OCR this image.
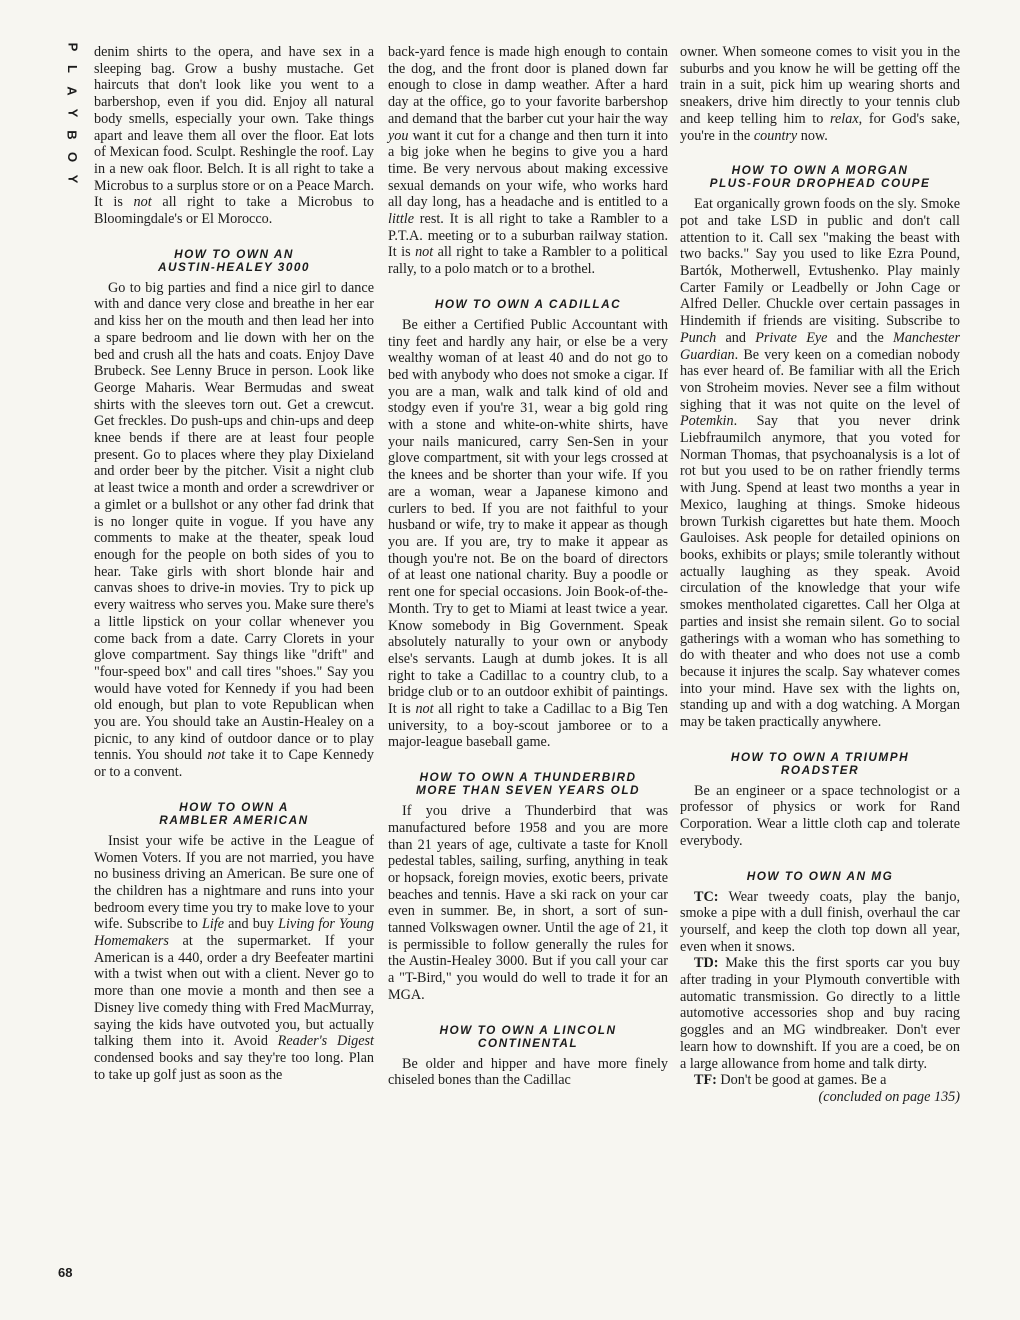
P
L
A
Y
B
O
Y

denim shirts to the opera, and have sex in a sleeping bag. Grow a bushy mustache. Get haircuts that don't look like you went to a barbershop, even if you did. Enjoy all natural body smells, especially your own. Take things apart and leave them all over the floor. Eat lots of Mexican food. Sculpt. Reshingle the roof. Lay in a new oak floor. Belch. It is all right to take a Microbus to a surplus store or on a Peace March. It is not all right to take a Microbus to Bloomingdale's or El Morocco.

HOW TO OWN AN
AUSTIN-HEALEY 3000

Go to big parties and find a nice girl to dance with and dance very close and breathe in her ear and kiss her on the mouth and then lead her into a spare bedroom and lie down with her on the bed and crush all the hats and coats. Enjoy Dave Brubeck. See Lenny Bruce in person. Look like George Maharis. Wear Bermudas and sweat shirts with the sleeves torn out. Get a crewcut. Get freckles. Do push-ups and chin-ups and deep knee bends if there are at least four people present. Go to places where they play Dixieland and order beer by the pitcher. Visit a night club at least twice a month and order a screwdriver or a gimlet or a bullshot or any other fad drink that is no longer quite in vogue. If you have any comments to make at the theater, speak loud enough for the people on both sides of you to hear. Take girls with short blonde hair and canvas shoes to drive-in movies. Try to pick up every waitress who serves you. Make sure there's a little lipstick on your collar whenever you come back from a date. Carry Clorets in your glove compartment. Say things like "drift" and "four-speed box" and call tires "shoes." Say you would have voted for Kennedy if you had been old enough, but plan to vote Republican when you are. You should take an Austin-Healey on a picnic, to any kind of outdoor dance or to play tennis. You should not take it to Cape Kennedy or to a convent.

HOW TO OWN A
RAMBLER AMERICAN

Insist your wife be active in the League of Women Voters. If you are not married, you have no business driving an American. Be sure one of the children has a nightmare and runs into your bedroom every time you try to make love to your wife. Subscribe to Life and buy Living for Young Homemakers at the supermarket. If your American is a 440, order a dry Beefeater martini with a twist when out with a client. Never go to more than one movie a month and then see a Disney live comedy thing with Fred MacMurray, saying the kids have outvoted you, but actually talking them into it. Avoid Reader's Digest condensed books and say they're too long. Plan to take up golf just as soon as the

back-yard fence is made high enough to contain the dog, and the front door is planed down far enough to close in damp weather. After a hard day at the office, go to your favorite barbershop and demand that the barber cut your hair the way you want it cut for a change and then turn it into a big joke when he begins to give you a hard time. Be very nervous about making excessive sexual demands on your wife, who works hard all day long, has a headache and is entitled to a little rest. It is all right to take a Rambler to a P.T.A. meeting or to a suburban railway station. It is not all right to take a Rambler to a political rally, to a polo match or to a brothel.

HOW TO OWN A CADILLAC

Be either a Certified Public Accountant with tiny feet and hardly any hair, or else be a very wealthy woman of at least 40 and do not go to bed with anybody who does not smoke a cigar. If you are a man, walk and talk kind of old and stodgy even if you're 31, wear a big gold ring with a stone and white-on-white shirts, have your nails manicured, carry Sen-Sen in your glove compartment, sit with your legs crossed at the knees and be shorter than your wife. If you are a woman, wear a Japanese kimono and curlers to bed. If you are not faithful to your husband or wife, try to make it appear as though you are. If you are, try to make it appear as though you're not. Be on the board of directors of at least one national charity. Buy a poodle or rent one for special occasions. Join Book-of-the-Month. Try to get to Miami at least twice a year. Know somebody in Big Government. Speak absolutely naturally to your own or anybody else's servants. Laugh at dumb jokes. It is all right to take a Cadillac to a country club, to a bridge club or to an outdoor exhibit of paintings. It is not all right to take a Cadillac to a Big Ten university, to a boy-scout jamboree or to a major-league baseball game.

HOW TO OWN A THUNDERBIRD
MORE THAN SEVEN YEARS OLD

If you drive a Thunderbird that was manufactured before 1958 and you are more than 21 years of age, cultivate a taste for Knoll pedestal tables, sailing, surfing, anything in teak or hopsack, foreign movies, exotic beers, private beaches and tennis. Have a ski rack on your car even in summer. Be, in short, a sort of sun-tanned Volkswagen owner. Until the age of 21, it is permissible to follow generally the rules for the Austin-Healey 3000. But if you call your car a "T-Bird," you would do well to trade it for an MGA.

HOW TO OWN A LINCOLN
CONTINENTAL

Be older and hipper and have more finely chiseled bones than the Cadillac

owner. When someone comes to visit you in the suburbs and you know he will be getting off the train in a suit, pick him up wearing shorts and sneakers, drive him directly to your tennis club and keep telling him to relax, for God's sake, you're in the country now.

HOW TO OWN A MORGAN
PLUS-FOUR DROPHEAD COUPE

Eat organically grown foods on the sly. Smoke pot and take LSD in public and don't call attention to it. Call sex "making the beast with two backs." Say you used to like Ezra Pound, Bartók, Motherwell, Evtushenko. Play mainly Carter Family or Leadbelly or John Cage or Alfred Deller. Chuckle over certain passages in Hindemith if friends are visiting. Subscribe to Punch and Private Eye and the Manchester Guardian. Be very keen on a comedian nobody has ever heard of. Be familiar with all the Erich von Stroheim movies. Never see a film without sighing that it was not quite on the level of Potemkin. Say that you never drink Liebfraumilch anymore, that you voted for Norman Thomas, that psychoanalysis is a lot of rot but you used to be on rather friendly terms with Jung. Spend at least two months a year in Mexico, laughing at things. Smoke hideous brown Turkish cigarettes but hate them. Mooch Gauloises. Ask people for detailed opinions on books, exhibits or plays; smile tolerantly without actually laughing as they speak. Avoid circulation of the knowledge that your wife smokes mentholated cigarettes. Call her Olga at parties and insist she remain silent. Go to social gatherings with a woman who has something to do with theater and who does not use a comb because it injures the scalp. Say whatever comes into your mind. Have sex with the lights on, standing up and with a dog watching. A Morgan may be taken practically anywhere.

HOW TO OWN A TRIUMPH
ROADSTER

Be an engineer or a space technologist or a professor of physics or work for Rand Corporation. Wear a little cloth cap and tolerate everybody.

HOW TO OWN AN MG

TC: Wear tweedy coats, play the banjo, smoke a pipe with a dull finish, overhaul the car yourself, and keep the cloth top down all year, even when it snows.

TD: Make this the first sports car you buy after trading in your Plymouth convertible with automatic transmission. Go directly to a little automotive accessories shop and buy racing goggles and an MG windbreaker. Don't ever learn how to downshift. If you are a coed, be on a large allowance from home and talk dirty.

TF: Don't be good at games. Be a
(concluded on page 135)

68
